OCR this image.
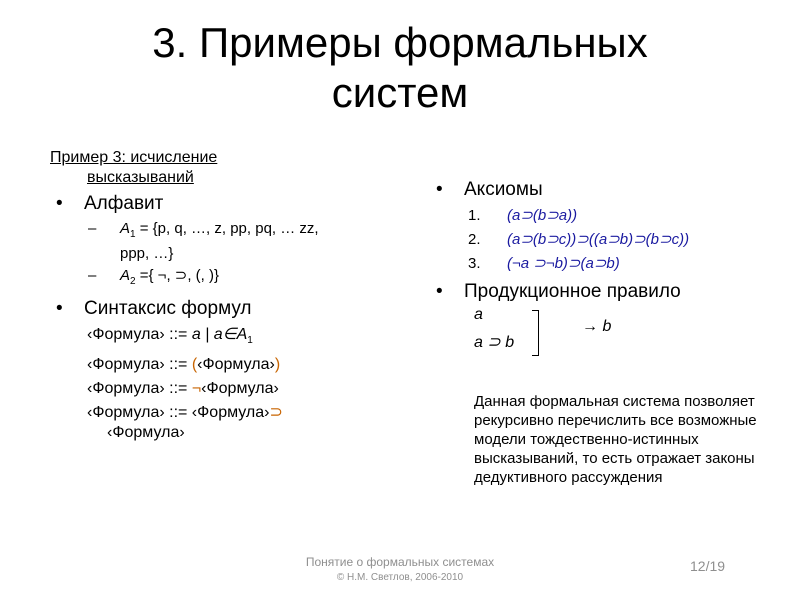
3. Примеры формальных
систем
Пример 3: исчисление
высказываний
• Алфавит
– $A_1 = \{p$, q, …, z, pp, pq, … zz,
ppp, …}
– $A_2$ ={ ¬, ⊃, (, )}
• Синтаксис формул
‹Формула› ::= a | $a\in A_1$
‹Формула› ::= (‹Формула›)
‹Формула› ::= ¬‹Формула›
‹Формула› ::= ‹Формула›⊃
‹Формула›
• Аксиомы
1. (a⊃(b⊃a))
2. (a⊃(b⊃c))⊃((a⊃b)⊃(b⊃c))
3. (¬a ⊃¬b)⊃(a⊃b)
• Продукционное правило
a
a ⊃ b
→ b
Данная формальная система позволяет рекурсивно перечислить все возможные модели тождественно-истинных высказываний, то есть отражает законы дедуктивного рассуждения
Понятие о формальных системах
© Н.М. Светлов, 2006-2010
12/19
